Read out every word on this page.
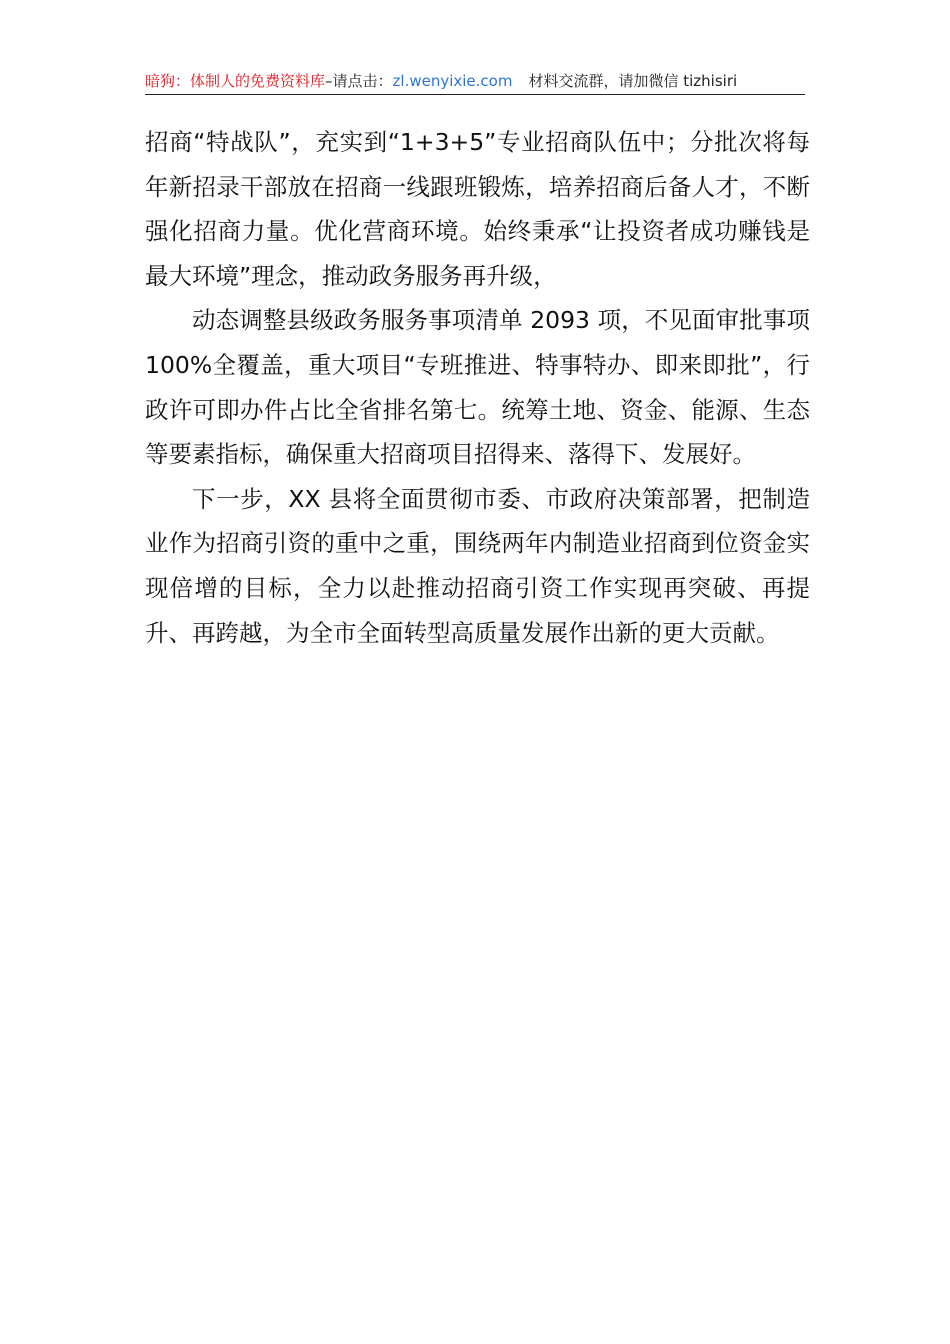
暗狗：体制人的免费资料库–请点击：zl.wenyixie.com 材料交流群，请加微信 tizhisiri

招商“特战队”，充实到“1+3+5”专业招商队伍中；分批次将每年新招录干部放在招商一线跟班锻炼，培养招商后备人才，不断强化招商力量。优化营商环境。始终秉承“让投资者成功赚钱是最大环境”理念，推动政务服务再升级，

动态调整县级政务服务事项清单 2093 项，不见面审批事项 100%全覆盖，重大项目“专班推进、特事特办、即来即批”，行政许可即办件占比全省排名第七。统筹土地、资金、能源、生态等要素指标，确保重大招商项目招得来、落得下、发展好。

下一步，XX 县将全面贯彻市委、市政府决策部署，把制造业作为招商引资的重中之重，围绕两年内制造业招商到位资金实现倍增的目标，全力以赴推动招商引资工作实现再突破、再提升、再跨越，为全市全面转型高质量发展作出新的更大贡献。
